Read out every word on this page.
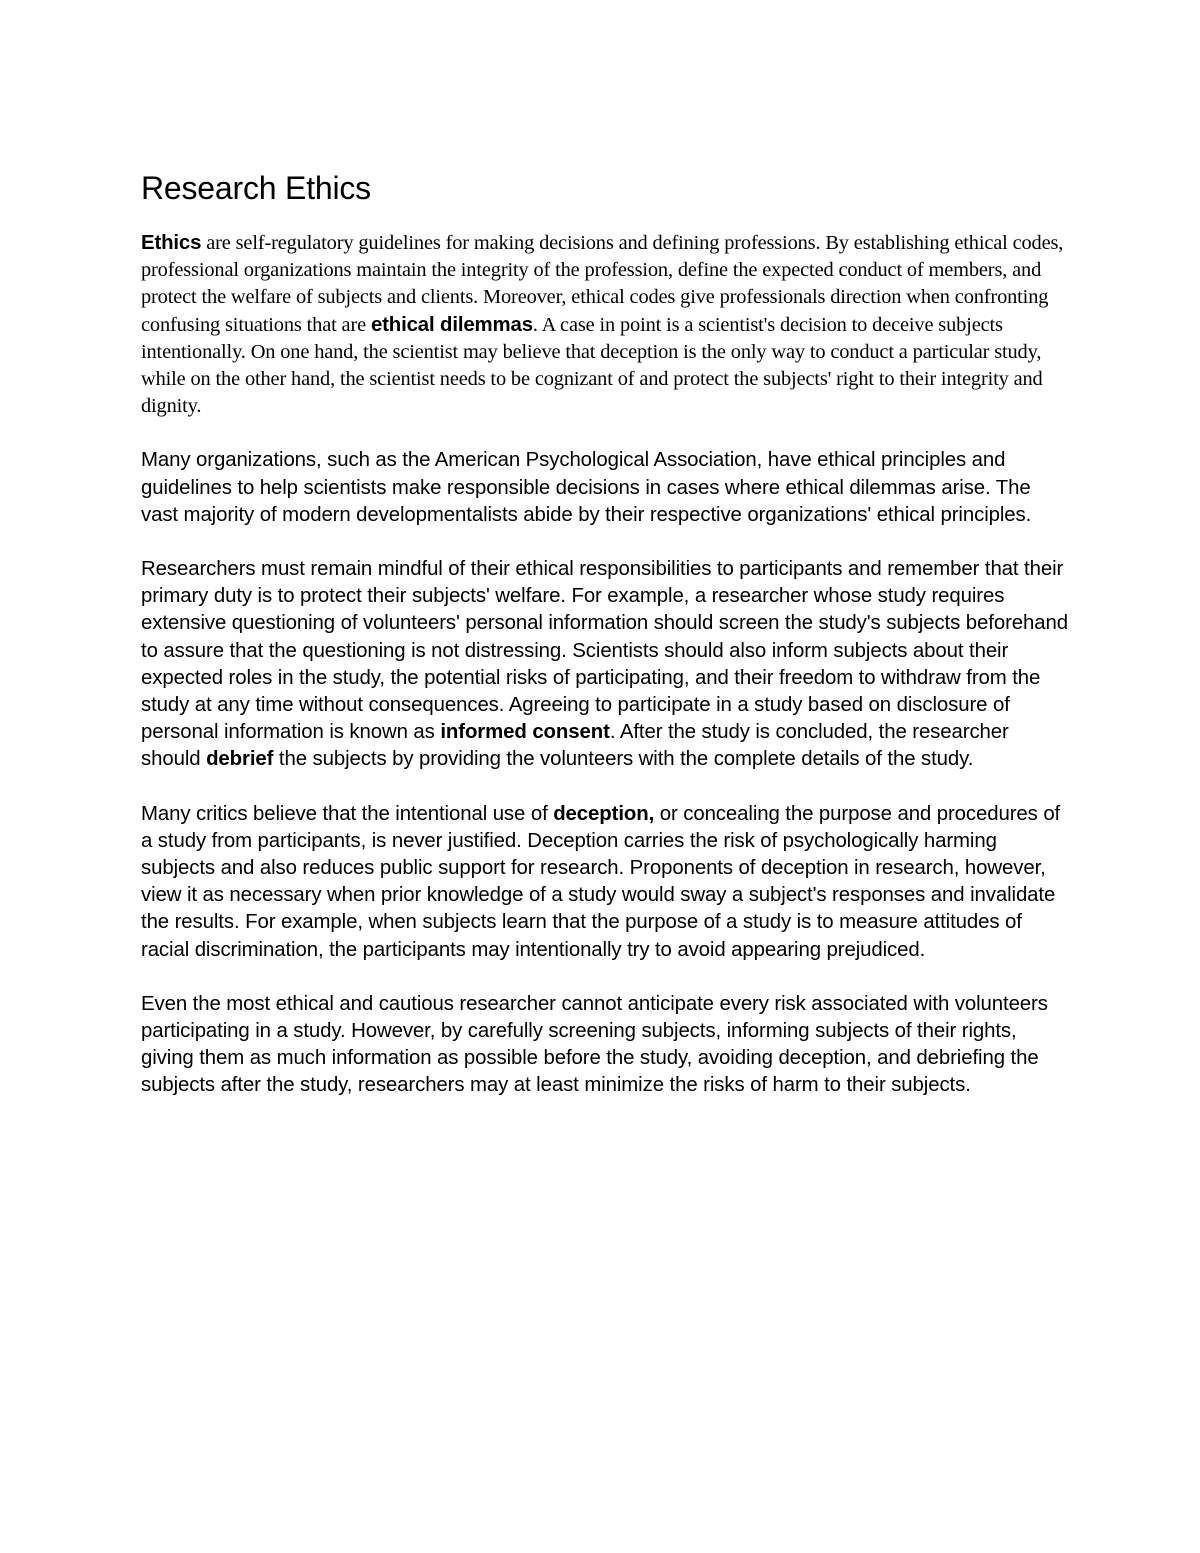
Research Ethics

Ethics are self-regulatory guidelines for making decisions and defining professions. By establishing ethical codes, professional organizations maintain the integrity of the profession, define the expected conduct of members, and protect the welfare of subjects and clients. Moreover, ethical codes give professionals direction when confronting confusing situations that are ethical dilemmas. A case in point is a scientist's decision to deceive subjects intentionally. On one hand, the scientist may believe that deception is the only way to conduct a particular study, while on the other hand, the scientist needs to be cognizant of and protect the subjects' right to their integrity and dignity.

Many organizations, such as the American Psychological Association, have ethical principles and guidelines to help scientists make responsible decisions in cases where ethical dilemmas arise. The vast majority of modern developmentalists abide by their respective organizations' ethical principles.

Researchers must remain mindful of their ethical responsibilities to participants and remember that their primary duty is to protect their subjects' welfare. For example, a researcher whose study requires extensive questioning of volunteers' personal information should screen the study's subjects beforehand to assure that the questioning is not distressing. Scientists should also inform subjects about their expected roles in the study, the potential risks of participating, and their freedom to withdraw from the study at any time without consequences. Agreeing to participate in a study based on disclosure of personal information is known as informed consent. After the study is concluded, the researcher should debrief the subjects by providing the volunteers with the complete details of the study.

Many critics believe that the intentional use of deception, or concealing the purpose and procedures of a study from participants, is never justified. Deception carries the risk of psychologically harming subjects and also reduces public support for research. Proponents of deception in research, however, view it as necessary when prior knowledge of a study would sway a subject's responses and invalidate the results. For example, when subjects learn that the purpose of a study is to measure attitudes of racial discrimination, the participants may intentionally try to avoid appearing prejudiced.

Even the most ethical and cautious researcher cannot anticipate every risk associated with volunteers participating in a study. However, by carefully screening subjects, informing subjects of their rights, giving them as much information as possible before the study, avoiding deception, and debriefing the subjects after the study, researchers may at least minimize the risks of harm to their subjects.
